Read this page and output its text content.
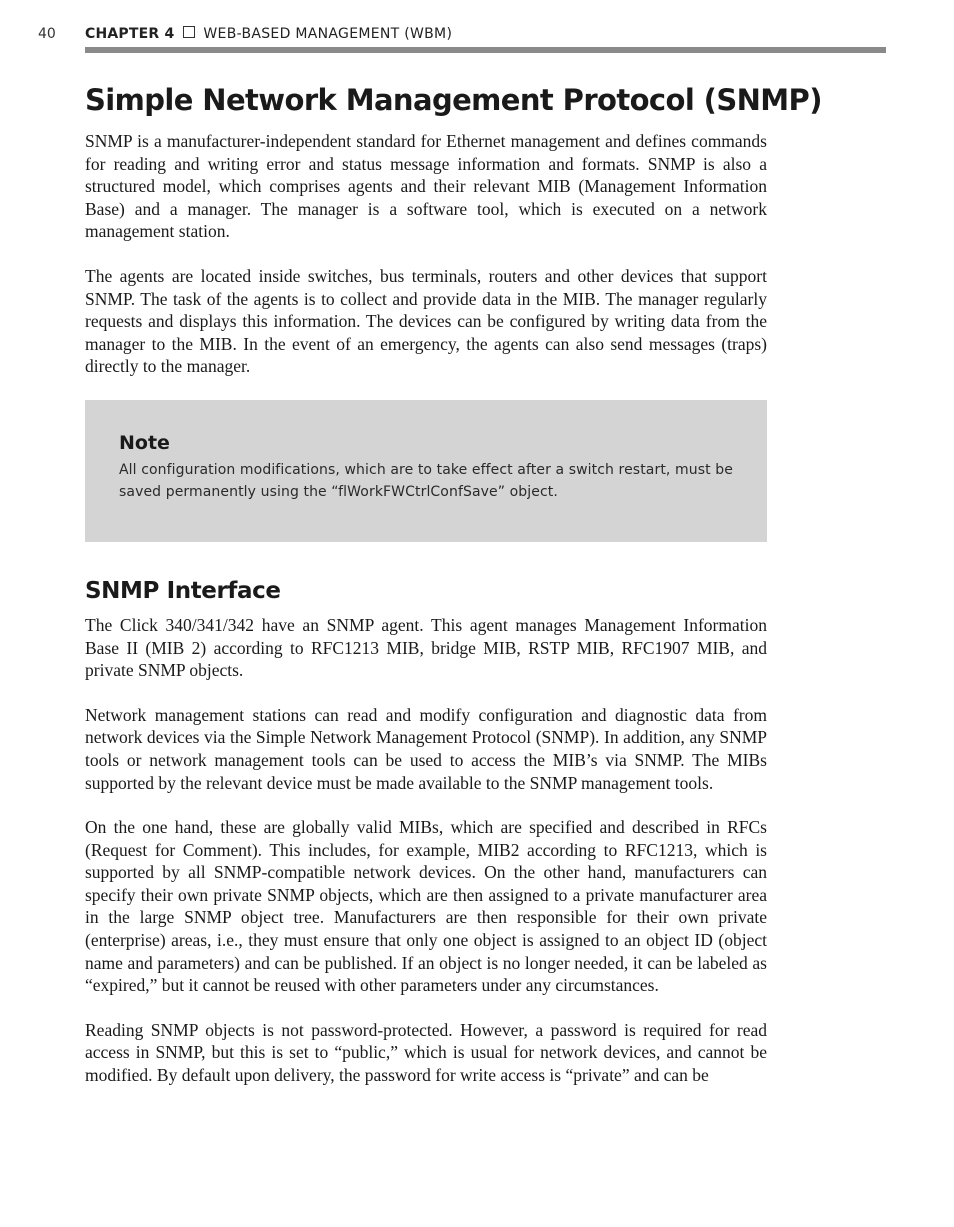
40 CHAPTER 4 WEB-BASED MANAGEMENT (WBM)
Simple Network Management Protocol (SNMP)

SNMP is a manufacturer-independent standard for Ethernet management and defines commands for reading and writing error and status message information and formats. SNMP is also a structured model, which comprises agents and their relevant MIB (Management Information Base) and a manager. The manager is a software tool, which is executed on a network management station.

The agents are located inside switches, bus terminals, routers and other devices that support SNMP. The task of the agents is to collect and provide data in the MIB. The manager regularly requests and displays this information. The devices can be configured by writing data from the manager to the MIB. In the event of an emergency, the agents can also send messages (traps) directly to the manager.

Note
All configuration modifications, which are to take effect after a switch restart, must be saved permanently using the “flWorkFWCtrlConfSave” object.
SNMP Interface

The Click 340/341/342 have an SNMP agent. This agent manages Management Information Base II (MIB 2) according to RFC1213 MIB, bridge MIB, RSTP MIB, RFC1907 MIB, and private SNMP objects.

Network management stations can read and modify configuration and diagnostic data from network devices via the Simple Network Management Protocol (SNMP). In addition, any SNMP tools or network management tools can be used to access the MIB’s via SNMP. The MIBs supported by the relevant device must be made available to the SNMP management tools.

On the one hand, these are globally valid MIBs, which are specified and described in RFCs (Request for Comment). This includes, for example, MIB2 according to RFC1213, which is supported by all SNMP-compatible network devices. On the other hand, manufacturers can specify their own private SNMP objects, which are then assigned to a private manufacturer area in the large SNMP object tree. Manufacturers are then responsible for their own private (enterprise) areas, i.e., they must ensure that only one object is assigned to an object ID (object name and parameters) and can be published. If an object is no longer needed, it can be labeled as “expired,” but it cannot be reused with other parameters under any circumstances.

Reading SNMP objects is not password-protected. However, a password is required for read access in SNMP, but this is set to “public,” which is usual for network devices, and cannot be modified. By default upon delivery, the password for write access is “private” and can be
